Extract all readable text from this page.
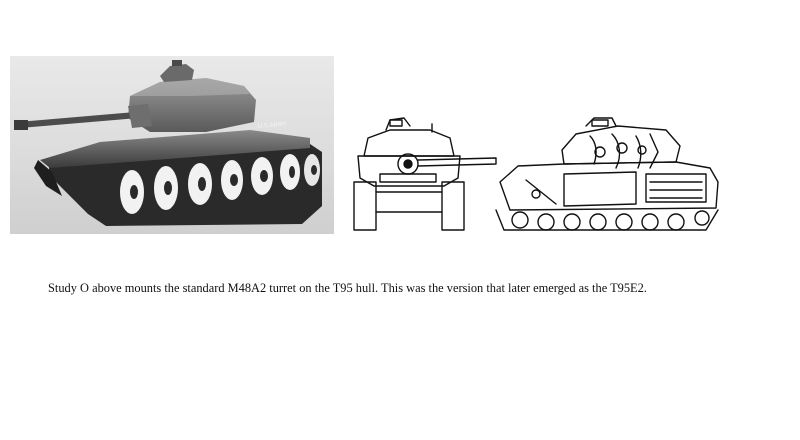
U.S.ARMY
Study O above mounts the standard M48A2 turret on the T95 hull. This was the version that later emerged as the T95E2.
